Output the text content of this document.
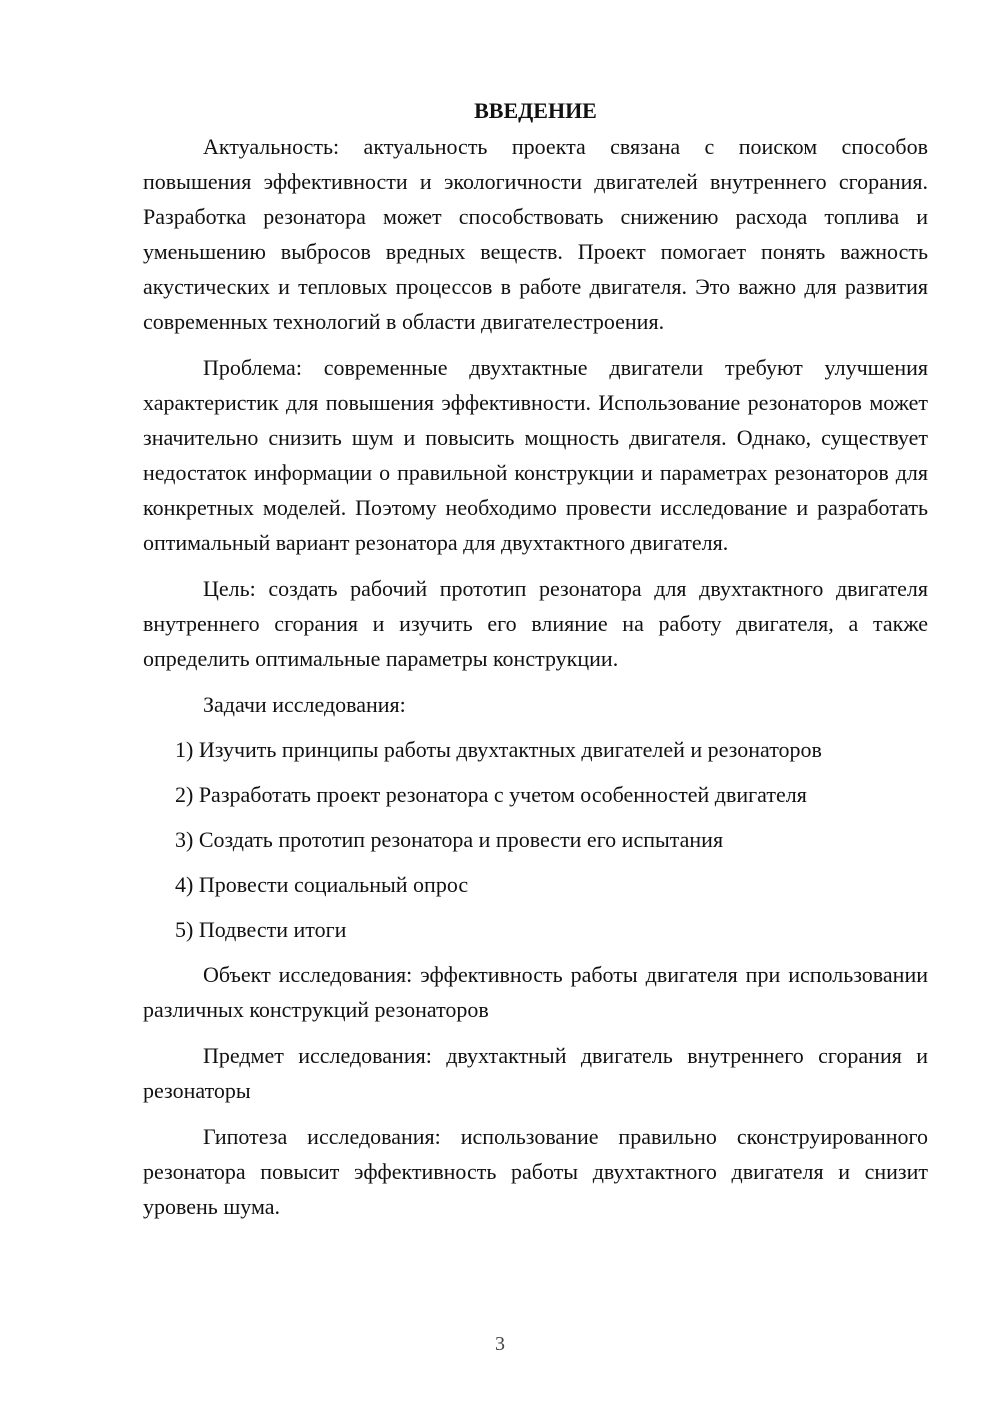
ВВЕДЕНИЕ

Актуальность: актуальность проекта связана с поиском способов повышения эффективности и экологичности двигателей внутреннего сгорания. Разработка резонатора может способствовать снижению расхода топлива и уменьшению выбросов вредных веществ. Проект помогает понять важность акустических и тепловых процессов в работе двигателя. Это важно для развития современных технологий в области двигателестроения.

Проблема: современные двухтактные двигатели требуют улучшения характеристик для повышения эффективности. Использование резонаторов может значительно снизить шум и повысить мощность двигателя. Однако, существует недостаток информации о правильной конструкции и параметрах резонаторов для конкретных моделей. Поэтому необходимо провести исследование и разработать оптимальный вариант резонатора для двухтактного двигателя.

Цель: создать рабочий прототип резонатора для двухтактного двигателя внутреннего сгорания и изучить его влияние на работу двигателя, а также определить оптимальные параметры конструкции.

Задачи исследования:

1) Изучить принципы работы двухтактных двигателей и резонаторов
2) Разработать проект резонатора с учетом особенностей двигателя
3) Создать прототип резонатора и провести его испытания
4) Провести социальный опрос
5) Подвести итоги

Объект исследования: эффективность работы двигателя при использовании различных конструкций резонаторов

Предмет исследования: двухтактный двигатель внутреннего сгорания и резонаторы

Гипотеза исследования: использование правильно сконструированного резонатора повысит эффективность работы двухтактного двигателя и снизит уровень шума.

3
